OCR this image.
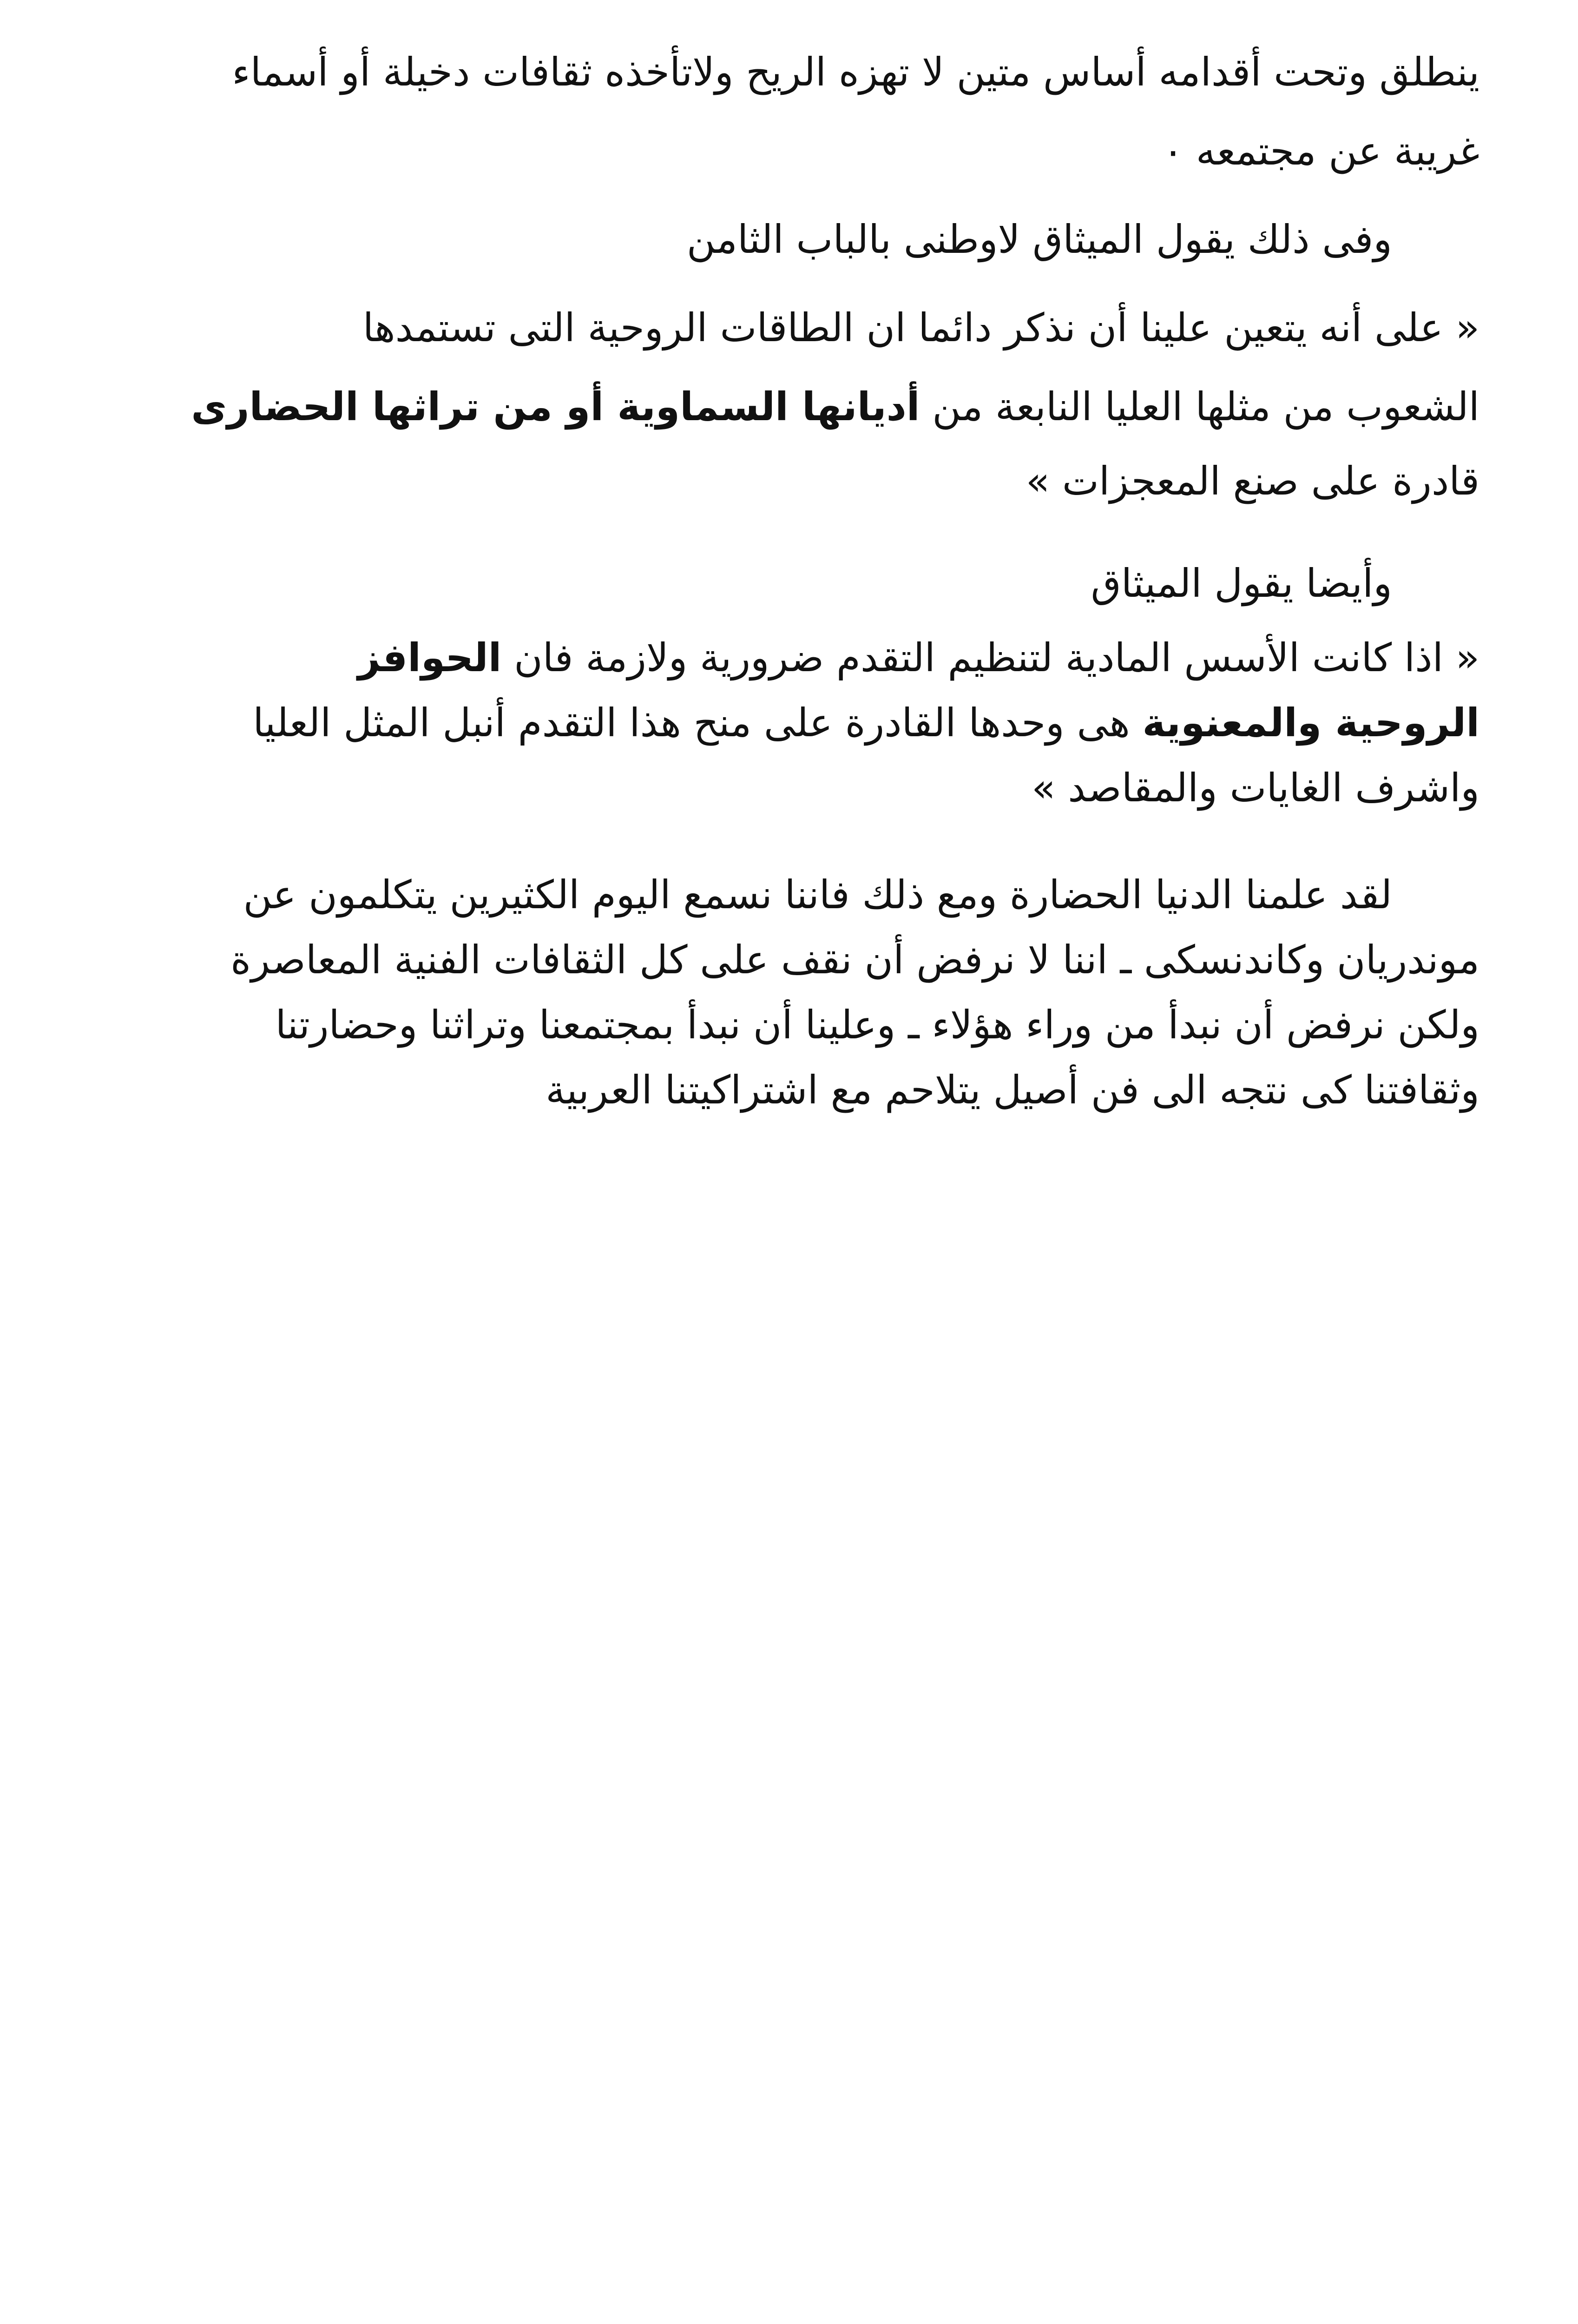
ينطلق وتحت أقدامه أساس متين لا تهزه الريح ولاتأخذه ثقافات دخيلة أو أسماء
غريبة عن مجتمعه ٠
وفى ذلك يقول الميثاق لاوطنى بالباب الثامن
« على أنه يتعين علينا أن نذكر دائما ان الطاقات الروحية التى تستمدها
الشعوب من مثلها العليا النابعة من أديانها السماوية أو من تراثها الحضارى
قادرة على صنع المعجزات »
وأيضا يقول الميثاق
« اذا كانت الأسس المادية لتنظيم التقدم ضرورية ولازمة فان الحوافز
الروحية والمعنوية هى وحدها القادرة على منح هذا التقدم أنبل المثل العليا
واشرف الغايات والمقاصد »
لقد علمنا الدنيا الحضارة ومع ذلك فاننا نسمع اليوم الكثيرين يتكلمون عن
موندريان وكاندنسكى ـ اننا لا نرفض أن نقف على كل الثقافات الفنية المعاصرة
ولكن نرفض أن نبدأ من وراء هؤلاء ـ وعلينا أن نبدأ بمجتمعنا وتراثنا وحضارتنا
وثقافتنا كى نتجه الى فن أصيل يتلاحم مع اشتراكيتنا العربية
